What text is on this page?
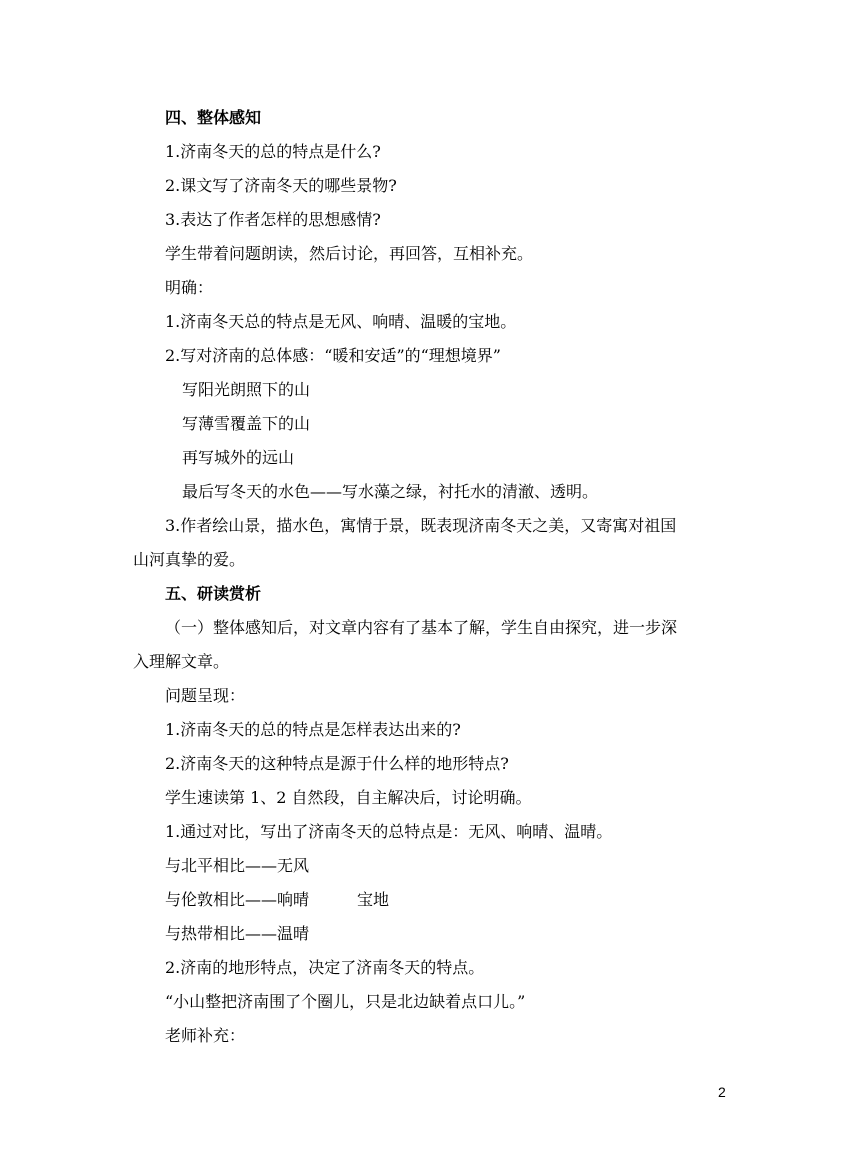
四、整体感知
1.济南冬天的总的特点是什么?
2.课文写了济南冬天的哪些景物?
3.表达了作者怎样的思想感情?
学生带着问题朗读，然后讨论，再回答，互相补充。
明确：
1.济南冬天总的特点是无风、响晴、温暖的宝地。
2.写对济南的总体感：“暖和安适”的“理想境界”
写阳光朗照下的山
写薄雪覆盖下的山
再写城外的远山
最后写冬天的水色——写水藻之绿，衬托水的清澈、透明。
3.作者绘山景，描水色，寓情于景，既表现济南冬天之美，又寄寓对祖国
山河真挚的爱。
五、研读赏析
（一）整体感知后，对文章内容有了基本了解，学生自由探究，进一步深
入理解文章。
问题呈现：
1.济南冬天的总的特点是怎样表达出来的?
2.济南冬天的这种特点是源于什么样的地形特点?
学生速读第 1、2 自然段，自主解决后，讨论明确。
1.通过对比，写出了济南冬天的总特点是：无风、响晴、温晴。
与北平相比——无风
与伦敦相比——响晴	宝地
与热带相比——温晴
2.济南的地形特点，决定了济南冬天的特点。
“小山整把济南围了个圈儿，只是北边缺着点口儿。”
老师补充：
2
